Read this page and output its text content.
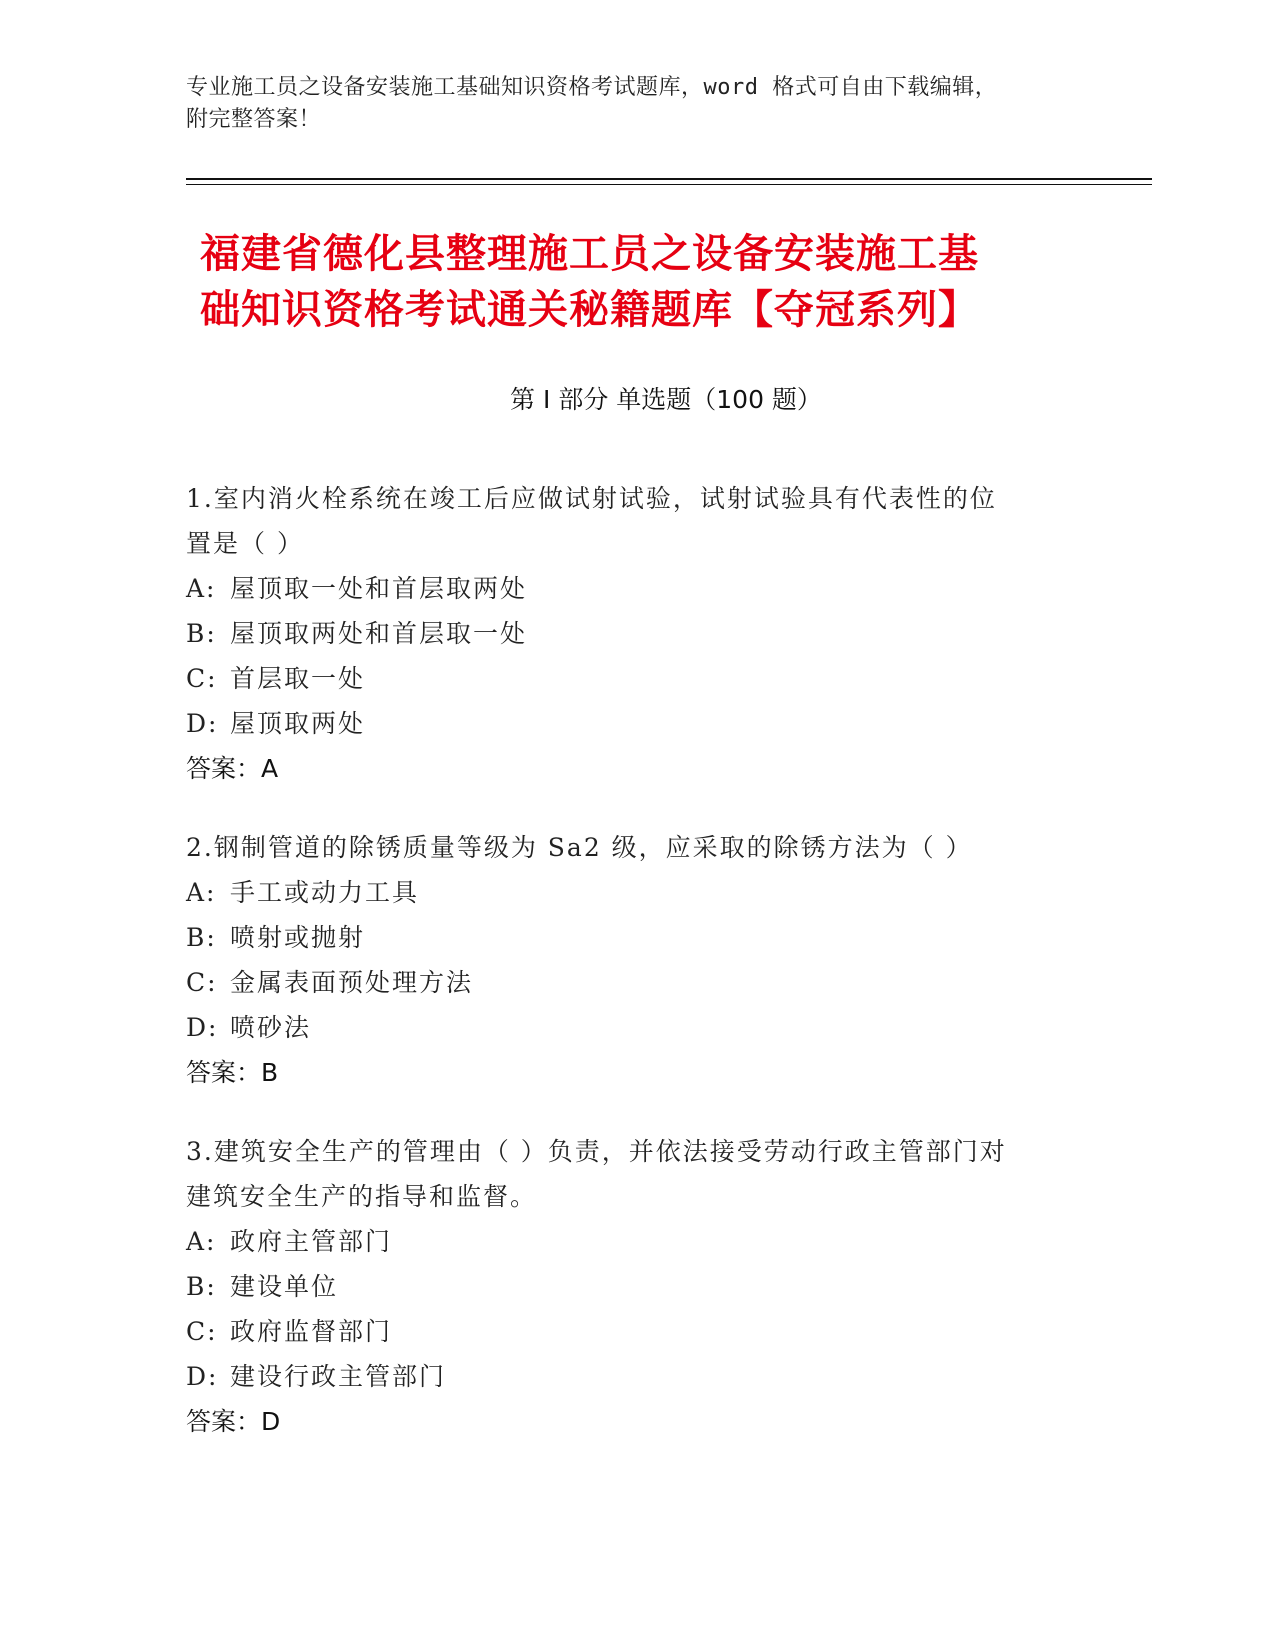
专业施工员之设备安装施工基础知识资格考试题库，word 格式可自由下载编辑，
附完整答案！
福建省德化县整理施工员之设备安装施工基
础知识资格考试通关秘籍题库【夺冠系列】
第 I 部分 单选题（100 题）

1.室内消火栓系统在竣工后应做试射试验，试射试验具有代表性的位

置是（ ）

A: 屋顶取一处和首层取两处

B: 屋顶取两处和首层取一处

C: 首层取一处

D: 屋顶取两处

答案：A

2.钢制管道的除锈质量等级为 Sa2 级，应采取的除锈方法为（ ）

A: 手工或动力工具

B: 喷射或抛射

C: 金属表面预处理方法

D: 喷砂法

答案：B

3.建筑安全生产的管理由（ ）负责，并依法接受劳动行政主管部门对

建筑安全生产的指导和监督。

A: 政府主管部门

B: 建设单位

C: 政府监督部门

D: 建设行政主管部门

答案：D
